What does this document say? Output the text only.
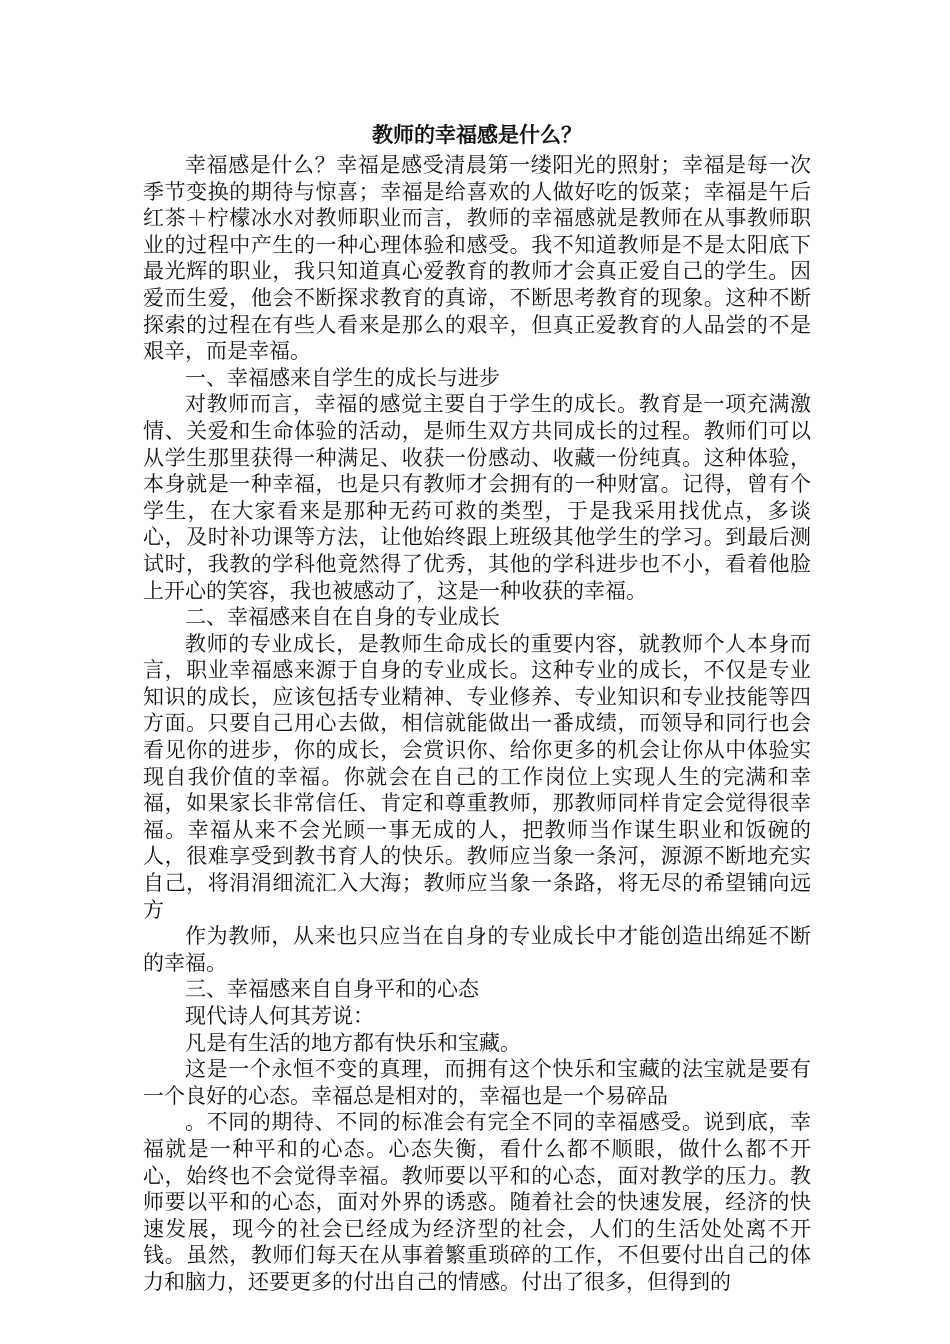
教师的幸福感是什么？

幸福感是什么？幸福是感受清晨第一缕阳光的照射；幸福是每一次季节变换的期待与惊喜；幸福是给喜欢的人做好吃的饭菜；幸福是午后红茶＋柠檬冰水对教师职业而言，教师的幸福感就是教师在从事教师职业的过程中产生的一种心理体验和感受。我不知道教师是不是太阳底下最光辉的职业，我只知道真心爱教育的教师才会真正爱自己的学生。因爱而生爱，他会不断探求教育的真谛，不断思考教育的现象。这种不断探索的过程在有些人看来是那么的艰辛，但真正爱教育的人品尝的不是艰辛，而是幸福。

一、幸福感来自学生的成长与进步

对教师而言，幸福的感觉主要自于学生的成长。教育是一项充满激情、关爱和生命体验的活动，是师生双方共同成长的过程。教师们可以从学生那里获得一种满足、收获一份感动、收藏一份纯真。这种体验，本身就是一种幸福，也是只有教师才会拥有的一种财富。记得，曾有个学生，在大家看来是那种无药可救的类型，于是我采用找优点，多谈心，及时补功课等方法，让他始终跟上班级其他学生的学习。到最后测试时，我教的学科他竟然得了优秀，其他的学科进步也不小，看着他脸上开心的笑容，我也被感动了，这是一种收获的幸福。

二、幸福感来自在自身的专业成长

教师的专业成长，是教师生命成长的重要内容，就教师个人本身而言，职业幸福感来源于自身的专业成长。这种专业的成长，不仅是专业知识的成长，应该包括专业精神、专业修养、专业知识和专业技能等四方面。只要自己用心去做，相信就能做出一番成绩，而领导和同行也会看见你的进步，你的成长，会赏识你、给你更多的机会让你从中体验实现自我价值的幸福。你就会在自己的工作岗位上实现人生的完满和幸福，如果家长非常信任、肯定和尊重教师，那教师同样肯定会觉得很幸福。幸福从来不会光顾一事无成的人，把教师当作谋生职业和饭碗的人，很难享受到教书育人的快乐。教师应当象一条河，源源不断地充实自己，将涓涓细流汇入大海；教师应当象一条路，将无尽的希望铺向远方

作为教师，从来也只应当在自身的专业成长中才能创造出绵延不断的幸福。

三、幸福感来自自身平和的心态

现代诗人何其芳说：

凡是有生活的地方都有快乐和宝藏。

这是一个永恒不变的真理，而拥有这个快乐和宝藏的法宝就是要有一个良好的心态。幸福总是相对的，幸福也是一个易碎品

。不同的期待、不同的标准会有完全不同的幸福感受。说到底，幸福就是一种平和的心态。心态失衡，看什么都不顺眼，做什么都不开心，始终也不会觉得幸福。教师要以平和的心态，面对教学的压力。教师要以平和的心态，面对外界的诱惑。随着社会的快速发展，经济的快速发展，现今的社会已经成为经济型的社会，人们的生活处处离不开钱。虽然，教师们每天在从事着繁重琐碎的工作，不但要付出自己的体力和脑力，还要更多的付出自己的情感。付出了很多，但得到的
